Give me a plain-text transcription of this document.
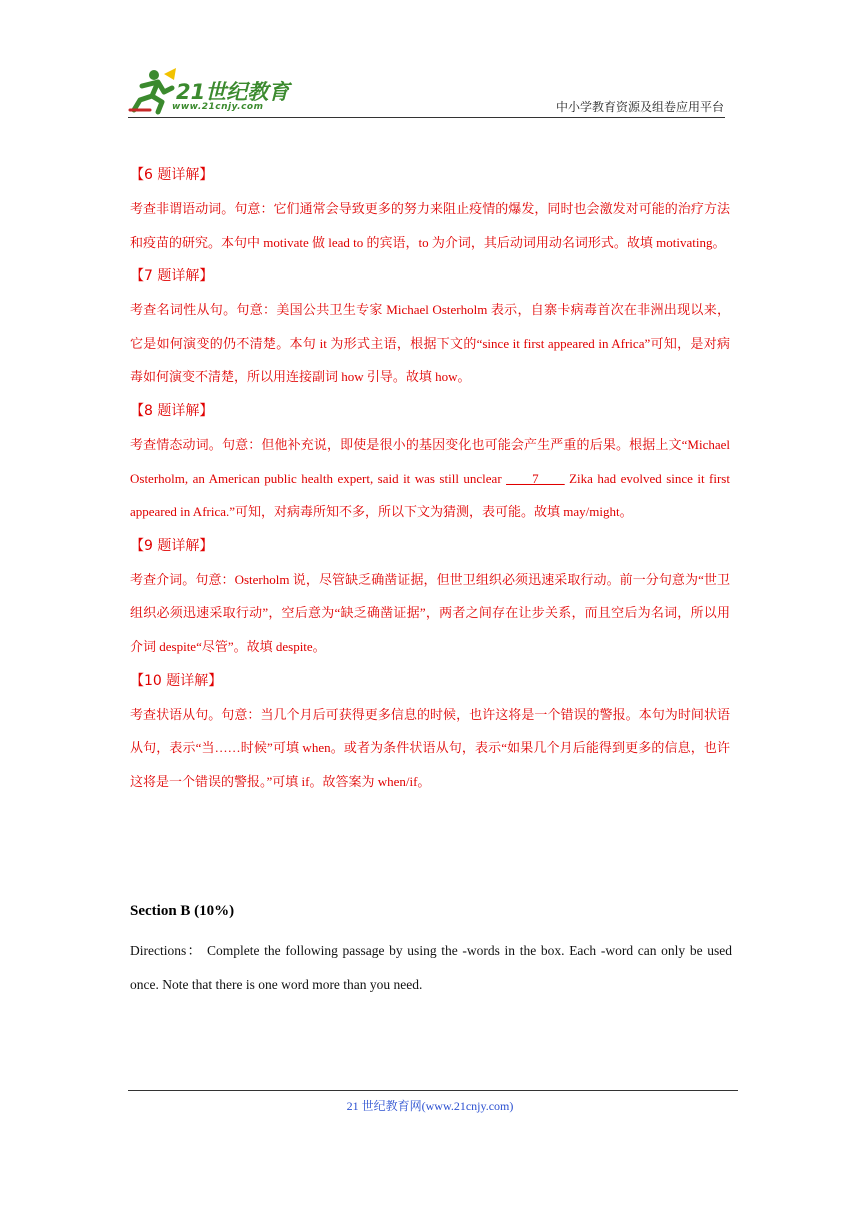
21世纪教育
www.21cnjy.com	中小学教育资源及组卷应用平台
【6 题详解】
考查非谓语动词。句意：它们通常会导致更多的努力来阻止疫情的爆发，同时也会激发对可能的治疗方法和疫苗的研究。本句中 motivate 做 lead to 的宾语，to 为介词，其后动词用动名词形式。故填 motivating。
【7 题详解】
考查名词性从句。句意：美国公共卫生专家 Michael Osterholm 表示，自寨卡病毒首次在非洲出现以来，它是如何演变的仍不清楚。本句 it 为形式主语，根据下文的“since it first appeared in Africa”可知，是对病毒如何演变不清楚，所以用连接副词 how 引导。故填 how。
【8 题详解】
考查情态动词。句意：但他补充说，即使是很小的基因变化也可能会产生严重的后果。根据上文“Michael Osterholm, an American public health expert, said it was still unclear ____7____ Zika had evolved since it first appeared in Africa.”可知，对病毒所知不多，所以下文为猜测，表可能。故填 may/might。
【9 题详解】
考查介词。句意：Osterholm 说，尽管缺乏确凿证据，但世卫组织必须迅速采取行动。前一分句意为“世卫组织必须迅速采取行动”，空后意为“缺乏确凿证据”，两者之间存在让步关系，而且空后为名词，所以用介词 despite“尽管”。故填 despite。
【10 题详解】
考查状语从句。句意：当几个月后可获得更多信息的时候，也许这将是一个错误的警报。本句为时间状语从句，表示“当……时候”可填 when。或者为条件状语从句，表示“如果几个月后能得到更多的信息，也许这将是一个错误的警报。”可填 if。故答案为 when/if。
Section B (10%)
Directions： Complete the following passage by using the -words in the box. Each -word can only be used once. Note that there is one word more than you need.
21 世纪教育网(www.21cnjy.com)
